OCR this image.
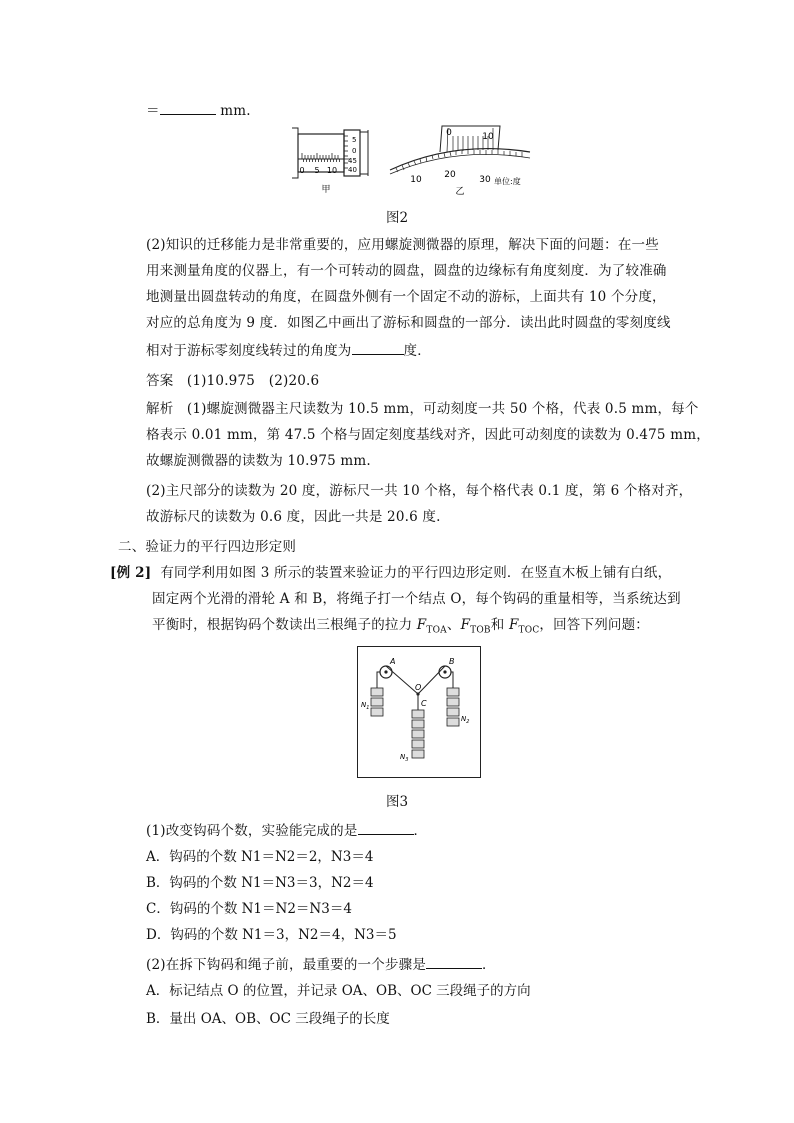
＝	mm.
0 5 10
5
0
45
40
甲
0	10
10	20	30 单位:度
乙
图2
(2)知识的迁移能力是非常重要的，应用螺旋测微器的原理，解决下面的问题：在一些
用来测量角度的仪器上，有一个可转动的圆盘，圆盘的边缘标有角度刻度．为了较准确
地测量出圆盘转动的角度，在圆盘外侧有一个固定不动的游标，上面共有 10 个分度，
对应的总角度为 9 度．如图乙中画出了游标和圆盘的一部分．读出此时圆盘的零刻度线
相对于游标零刻度线转过的角度为	度．
答案 (1)10.975　(2)20.6
解析 (1)螺旋测微器主尺读数为 10.5 mm，可动刻度一共 50 个格，代表 0.5 mm，每个
格表示 0.01 mm，第 47.5 个格与固定刻度基线对齐，因此可动刻度的读数为 0.475 mm，
故螺旋测微器的读数为 10.975 mm.
(2)主尺部分的读数为 20 度，游标尺一共 10 个格，每个格代表 0.1 度，第 6 个格对齐，
故游标尺的读数为 0.6 度，因此一共是 20.6 度.
二、验证力的平行四边形定则
[例 2] 有同学利用如图 3 所示的装置来验证力的平行四边形定则．在竖直木板上铺有白纸，
固定两个光滑的滑轮 A 和 B，将绳子打一个结点 O，每个钩码的重量相等，当系统达到
平衡时，根据钩码个数读出三根绳子的拉力 $F_{TOA}$、$F_{TOB}$和 $F_{TOC}$，回答下列问题：
A	B
O
C
$N_1$
$N_2$
$N_3$
图3
(1)改变钩码个数，实验能完成的是	．
A．钩码的个数 N1＝N2＝2，N3＝4
B．钩码的个数 N1＝N3＝3，N2＝4
C．钩码的个数 N1＝N2＝N3＝4
D．钩码的个数 N1＝3，N2＝4，N3＝5
(2)在拆下钩码和绳子前，最重要的一个步骤是	．
A．标记结点 O 的位置，并记录 OA、OB、OC 三段绳子的方向
B．量出 OA、OB、OC 三段绳子的长度
